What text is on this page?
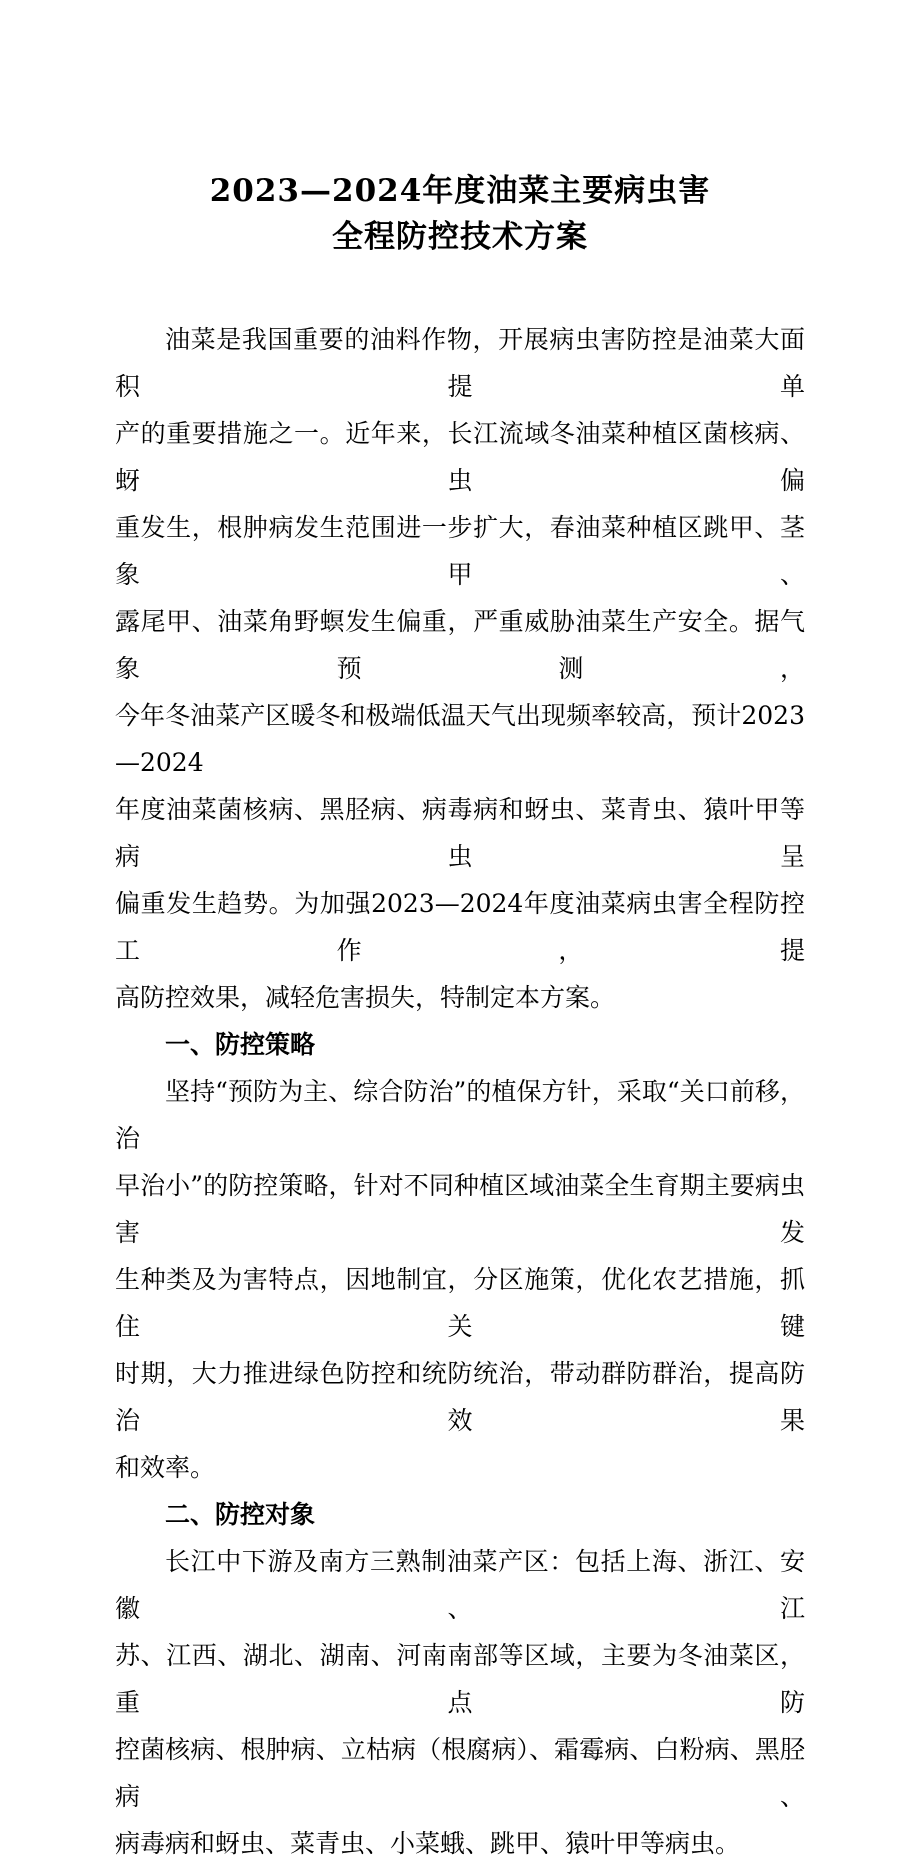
2023—2024年度油菜主要病虫害
全程防控技术方案

油菜是我国重要的油料作物，开展病虫害防控是油菜大面积提单
产的重要措施之一。近年来，长江流域冬油菜种植区菌核病、蚜虫偏
重发生，根肿病发生范围进一步扩大，春油菜种植区跳甲、茎象甲、
露尾甲、油菜角野螟发生偏重，严重威胁油菜生产安全。据气象预测，
今年冬油菜产区暖冬和极端低温天气出现频率较高，预计2023—2024
年度油菜菌核病、黑胫病、病毒病和蚜虫、菜青虫、猿叶甲等病虫呈
偏重发生趋势。为加强2023—2024年度油菜病虫害全程防控工作，提
高防控效果，减轻危害损失，特制定本方案。

一、防控策略

坚持“预防为主、综合防治”的植保方针，采取“关口前移，治
早治小”的防控策略，针对不同种植区域油菜全生育期主要病虫害发
生种类及为害特点，因地制宜，分区施策，优化农艺措施，抓住关键
时期，大力推进绿色防控和统防统治，带动群防群治，提高防治效果
和效率。

二、防控对象

长江中下游及南方三熟制油菜产区：包括上海、浙江、安徽、江
苏、江西、湖北、湖南、河南南部等区域，主要为冬油菜区，重点防
控菌核病、根肿病、立枯病（根腐病）、霜霉病、白粉病、黑胫病、
病毒病和蚜虫、菜青虫、小菜蛾、跳甲、猿叶甲等病虫。
